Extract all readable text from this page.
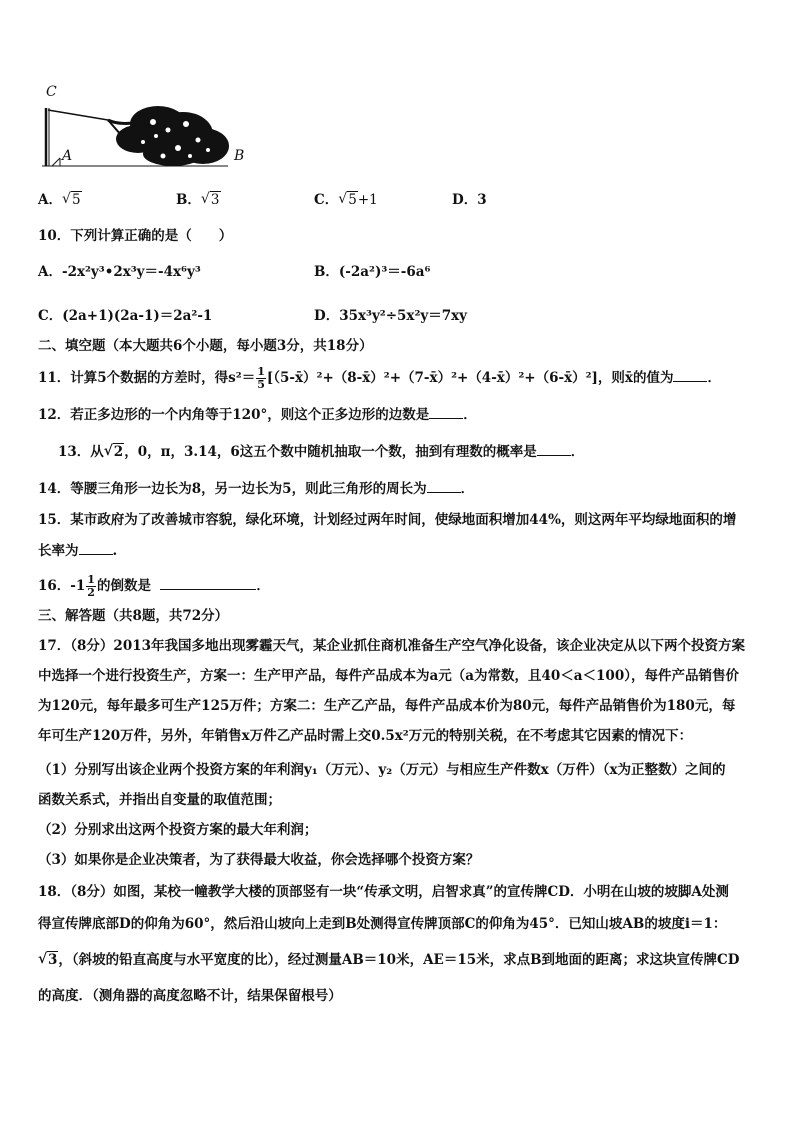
C
A	B
A． √ 5	B． √ 3	C． √ 5+1	D．3
10．下列计算正确的是（　　）
A．-2x²y³•2x³y＝-4x⁶y³	B．(-2a²)³＝-6a⁶
C．(2a+1)(2a-1)＝2a²-1	D．35x³y²÷5x²y＝7xy
二、填空题（本大题共6个小题，每小题3分，共18分）
11．计算5个数据的方差时，得$s^2= \frac{1}{5}$ [（5-x̄）²+（8-x̄）²+（7-x̄）²+（4-x̄）²+（6-x̄）²]，则x̄的值为	．
12．若正多边形的一个内角等于120°，则这个正多边形的边数是	．
13．从 √ 2，0，π，3.14，6这五个数中随机抽取一个数，抽到有理数的概率是	．
14．等腰三角形一边长为8，另一边长为5，则此三角形的周长为	．
15．某市政府为了改善城市容貌，绿化环境，计划经过两年时间，使绿地面积增加44%，则这两年平均绿地面积的增
长率为	.
16．$-1 \frac{1}{2}$ 的倒数是	．
三、解答题（共8题，共72分）
17．（8分）2013年我国多地出现雾霾天气，某企业抓住商机准备生产空气净化设备，该企业决定从以下两个投资方案
中选择一个进行投资生产，方案一：生产甲产品，每件产品成本为a元（a为常数，且40＜a＜100），每件产品销售价
为120元，每年最多可生产125万件；方案二：生产乙产品，每件产品成本价为80元，每件产品销售价为180元，每
年可生产120万件，另外，年销售x万件乙产品时需上交0.5x²万元的特别关税，在不考虑其它因素的情况下：
（1）分别写出该企业两个投资方案的年利润y₁（万元）、y₂（万元）与相应生产件数x（万件）（x为正整数）之间的
函数关系式，并指出自变量的取值范围；
（2）分别求出这两个投资方案的最大年利润；
（3）如果你是企业决策者，为了获得最大收益，你会选择哪个投资方案？
18．（8分）如图，某校一幢教学大楼的顶部竖有一块“传承文明，启智求真”的宣传牌CD．小明在山坡的坡脚A处测
得宣传牌底部D的仰角为60°，然后沿山坡向上走到B处测得宣传牌顶部C的仰角为45°．已知山坡AB的坡度i＝1：
√ 3，（斜坡的铅直高度与水平宽度的比），经过测量AB＝10米，AE＝15米，求点B到地面的距离；求这块宣传牌CD
的高度．（测角器的高度忽略不计，结果保留根号）
